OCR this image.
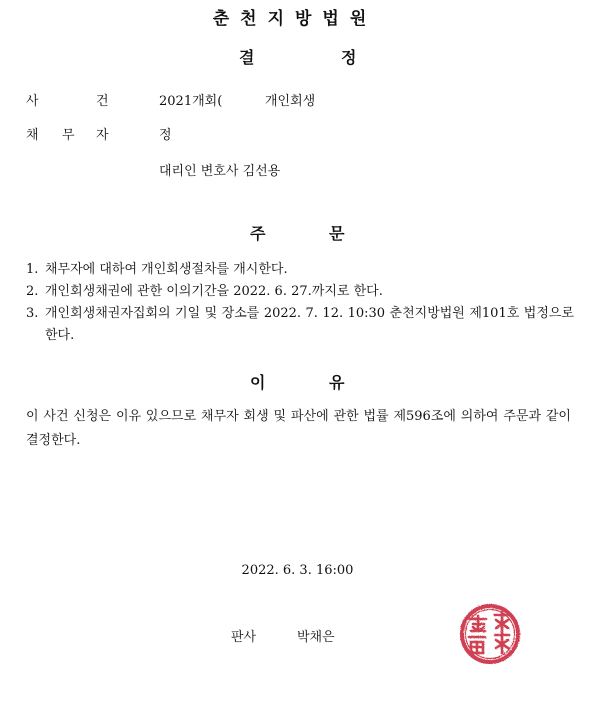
춘천지방법원
결	정
사	건	2021개회(	개인회생
채 무 자	정
대리인 변호사 김선용
주	문
1. 채무자에 대하여 개인회생절차를 개시한다.
2. 개인회생채권에 관한 이의기간을 2022. 6. 27.까지로 한다.
3. 개인회생채권자집회의 기일 및 장소를 2022. 7. 12. 10:30 춘천지방법원 제101호 법정으로 한다.
이	유
이 사건 신청은 이유 있으므로 채무자 회생 및 파산에 관한 법률 제596조에 의하여 주문과 같이 결정한다.
2022. 6. 3. 16:00
판사	박채은
